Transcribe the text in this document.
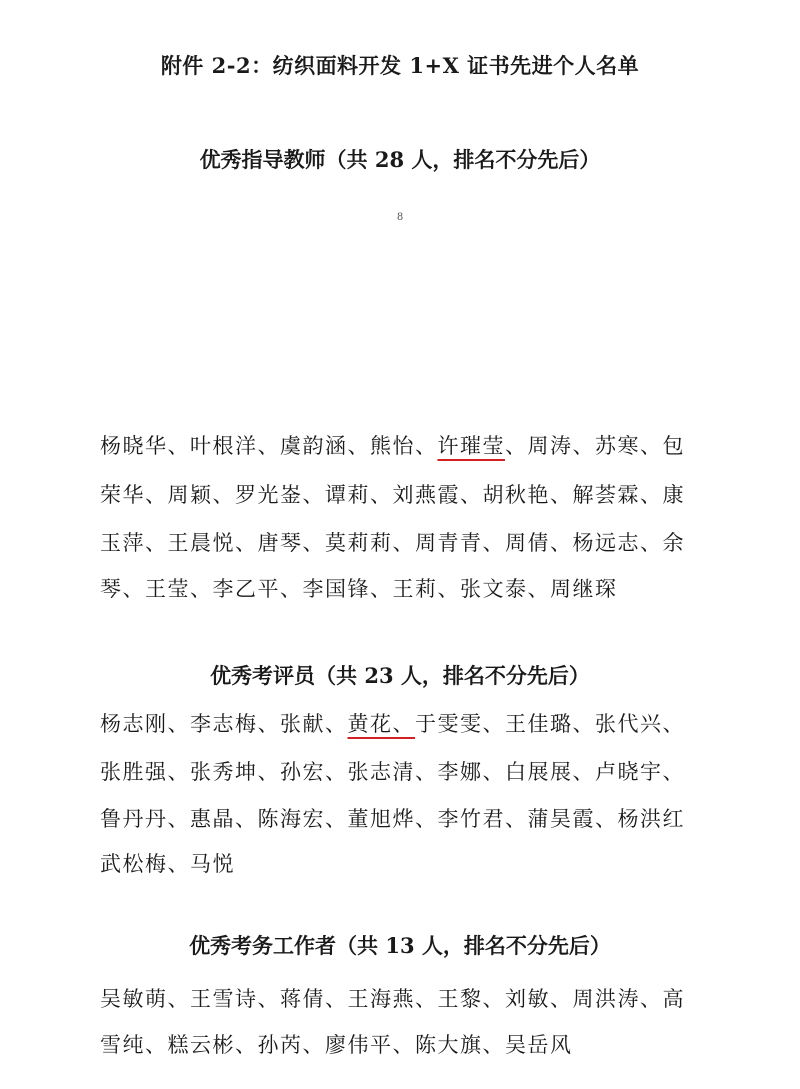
附件 2-2：纺织面料开发 1+X 证书先进个人名单
优秀指导教师（共 28 人，排名不分先后）
8
杨晓华、叶根洋、虞韵涵、熊怡、许璀莹、周涛、苏寒、包
荣华、周颖、罗光崟、谭莉、刘燕霞、胡秋艳、解荟霖、康
玉萍、王晨悦、唐琴、莫莉莉、周青青、周倩、杨远志、余
琴、王莹、李乙平、李国锋、王莉、张文泰、周继琛
优秀考评员（共 23 人，排名不分先后）
杨志刚、李志梅、张献、黄花、于雯雯、王佳璐、张代兴、
张胜强、张秀坤、孙宏、张志清、李娜、白展展、卢晓宇、
鲁丹丹、惠晶、陈海宏、董旭烨、李竹君、蒲昊霞、杨洪红
武松梅、马悦
优秀考务工作者（共 13 人，排名不分先后）
吴敏萌、王雪诗、蒋倩、王海燕、王黎、刘敏、周洪涛、高
雪纯、糕云彬、孙芮、廖伟平、陈大旗、吴岳风
